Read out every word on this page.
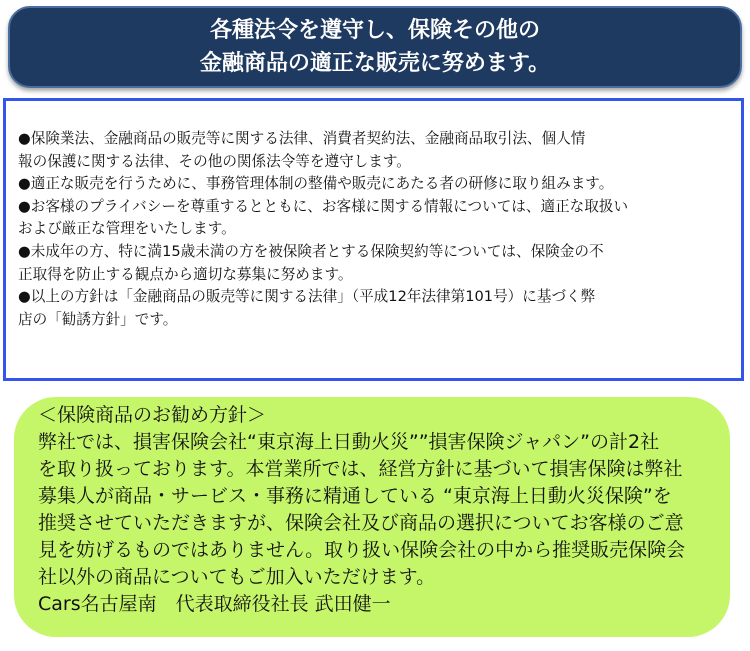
各種法令を遵守し、保険その他の
金融商品の適正な販売に努めます。
●保険業法、金融商品の販売等に関する法律、消費者契約法、金融商品取引法、個人情
報の保護に関する法律、その他の関係法令等を遵守します。
●適正な販売を行うために、事務管理体制の整備や販売にあたる者の研修に取り組みます。
●お客様のプライバシーを尊重するとともに、お客様に関する情報については、適正な取扱い
および厳正な管理をいたします。
●未成年の方、特に満15歳未満の方を被保険者とする保険契約等については、保険金の不
正取得を防止する観点から適切な募集に努めます。
●以上の方針は「金融商品の販売等に関する法律」（平成12年法律第101号）に基づく弊
店の「勧誘方針」です。
＜保険商品のお勧め方針＞
弊社では、損害保険会社“東京海上日動火災””損害保険ジャパン”の計2社
を取り扱っております。本営業所では、経営方針に基づいて損害保険は弊社
募集人が商品・サービス・事務に精通している “東京海上日動火災保険”を
推奨させていただきますが、保険会社及び商品の選択についてお客様のご意
見を妨げるものではありません。取り扱い保険会社の中から推奨販売保険会
社以外の商品についてもご加入いただけます。
Cars名古屋南　代表取締役社長 武田健一
